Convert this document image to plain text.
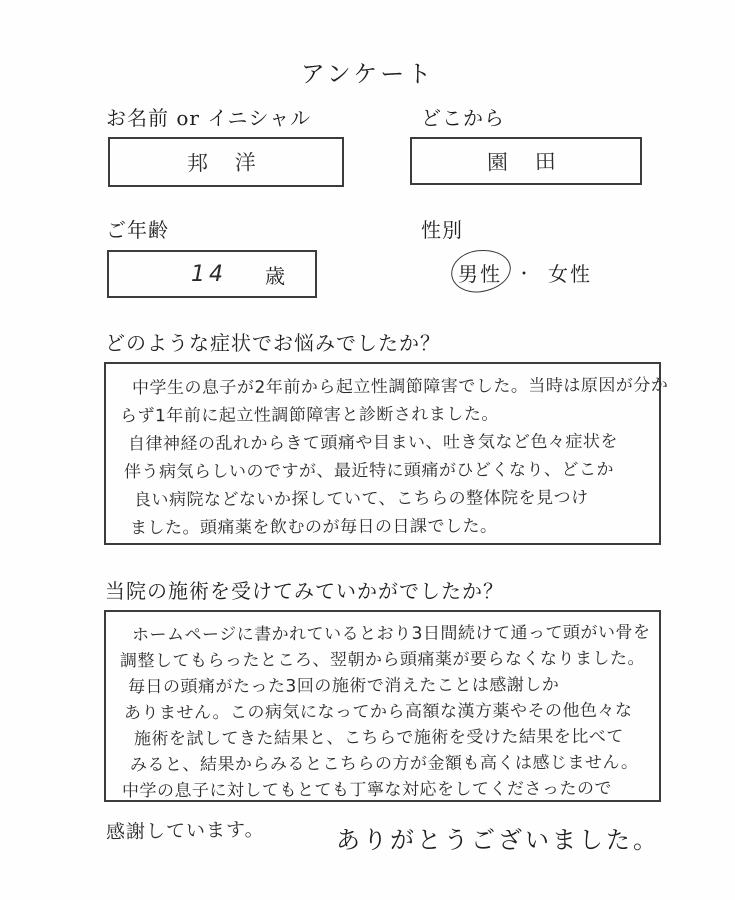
アンケート
お名前 or イニシャル
邦 洋
どこから
園 田
ご年齢
14 歳
性別
男性 ・ 女性
どのような症状でお悩みでしたか？
中学生の息子が2年前から起立性調節障害でした。当時は原因が分か
らず1年前に起立性調節障害と診断されました。
自律神経の乱れからきて頭痛や目まい、吐き気など色々症状を
伴う病気らしいのですが、最近特に頭痛がひどくなり、どこか
良い病院などないか探していて、こちらの整体院を見つけ
ました。頭痛薬を飲むのが毎日の日課でした。
当院の施術を受けてみていかがでしたか？
ホームページに書かれているとおり3日間続けて通って頭がい骨を
調整してもらったところ、翌朝から頭痛薬が要らなくなりました。
毎日の頭痛がたった3回の施術で消えたことは感謝しか
ありません。この病気になってから高額な漢方薬やその他色々な
施術を試してきた結果と、こちらで施術を受けた結果を比べて
みると、結果からみるとこちらの方が金額も高くは感じません。
中学の息子に対してもとても丁寧な対応をしてくださったので
感謝しています。	ありがとうございました。
